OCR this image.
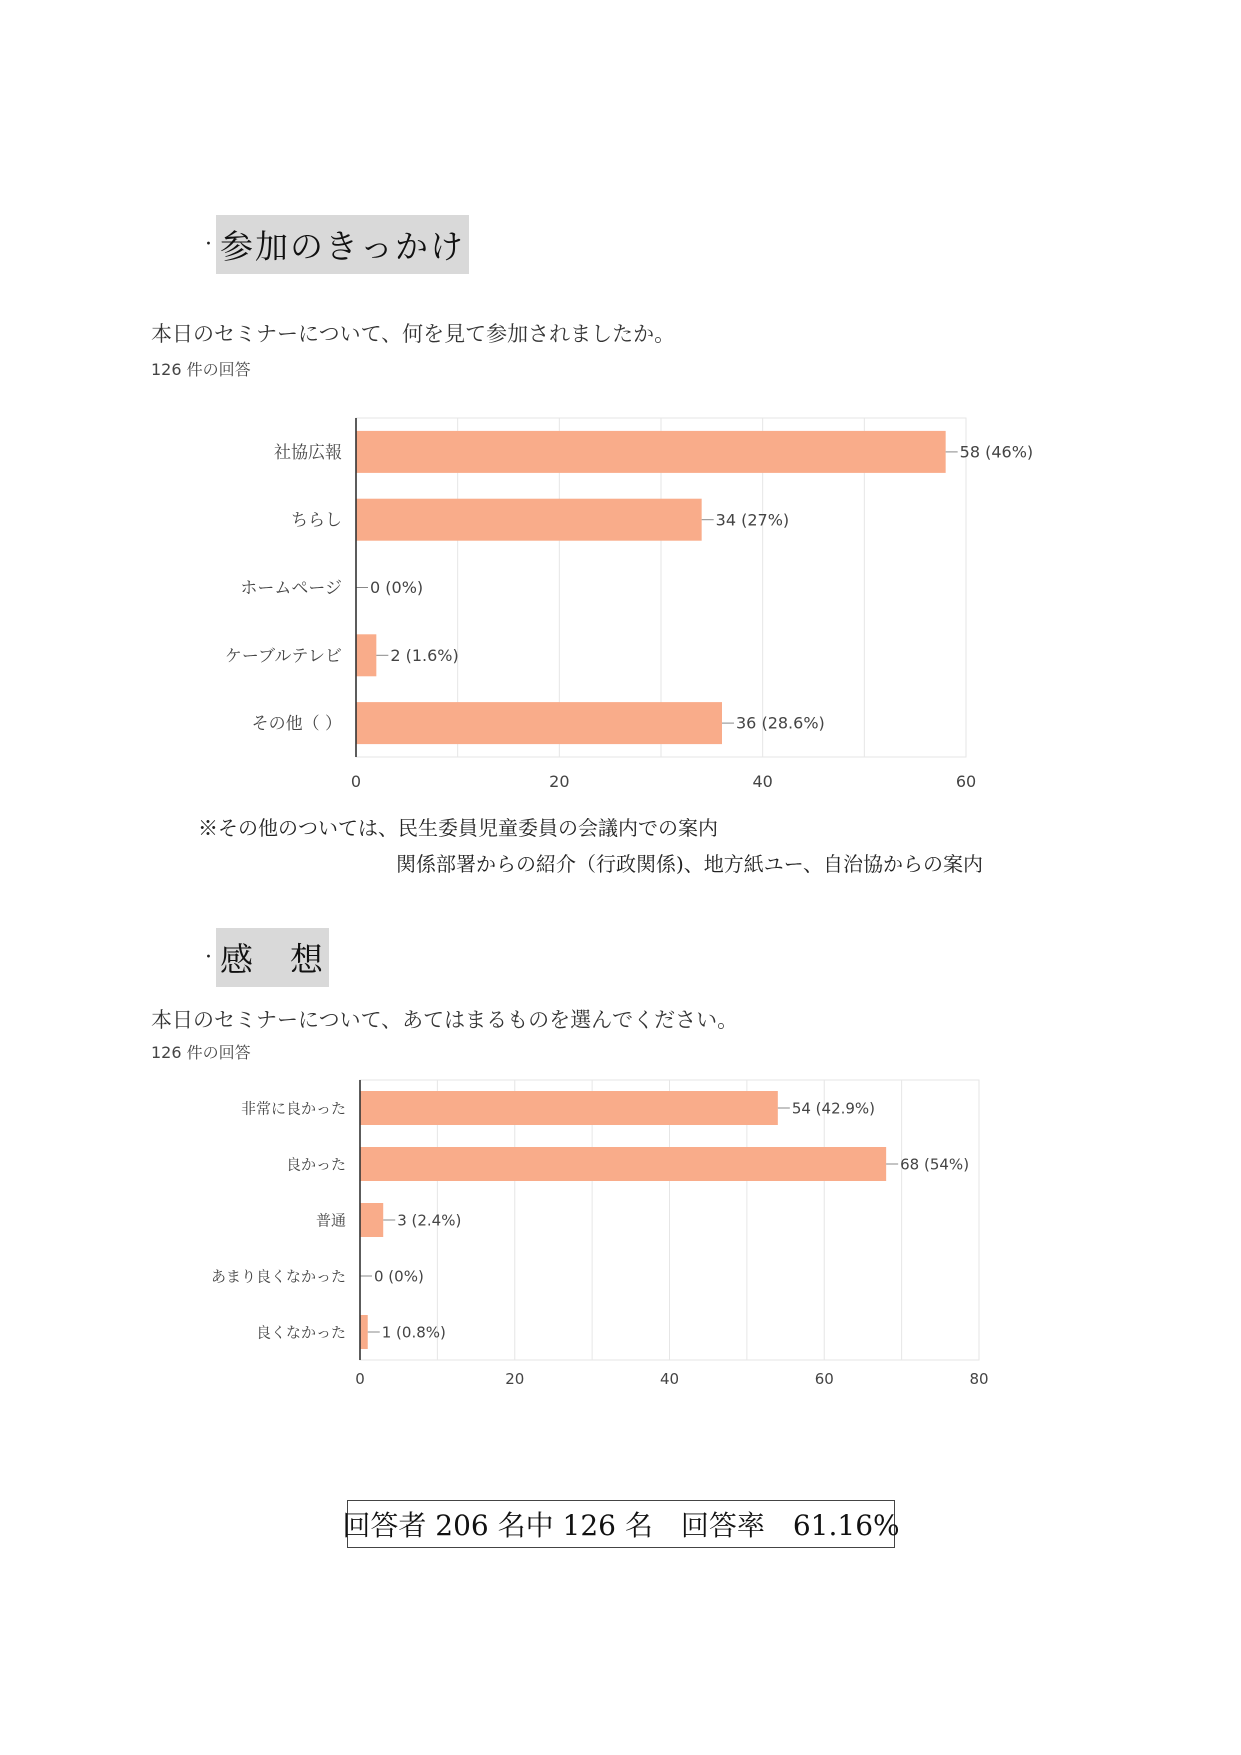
· 参加のきっかけ
本日のセミナーについて、何を見て参加されましたか。
126 件の回答
0	20	40	60
社協広報	58 (46%)
ちらし	34 (27%)
ホームページ 0 (0%)
ケーブルテレビ	2 (1.6%)
その他（ ）	36 (28.6%)
※その他のついては、民生委員児童委員の会議内での案内
関係部署からの紹介（行政関係)、地方紙ユー、自治協からの案内
· 感　想
本日のセミナーについて、あてはまるものを選んでください。
126 件の回答
0	20	40	60	80
非常に良かった	54 (42.9%)
良かった	68 (54%)
普通	3 (2.4%)
あまり良くなかった 0 (0%)
良くなかった 1 (0.8%)
回答者 206 名中 126 名　回答率　61.16%
